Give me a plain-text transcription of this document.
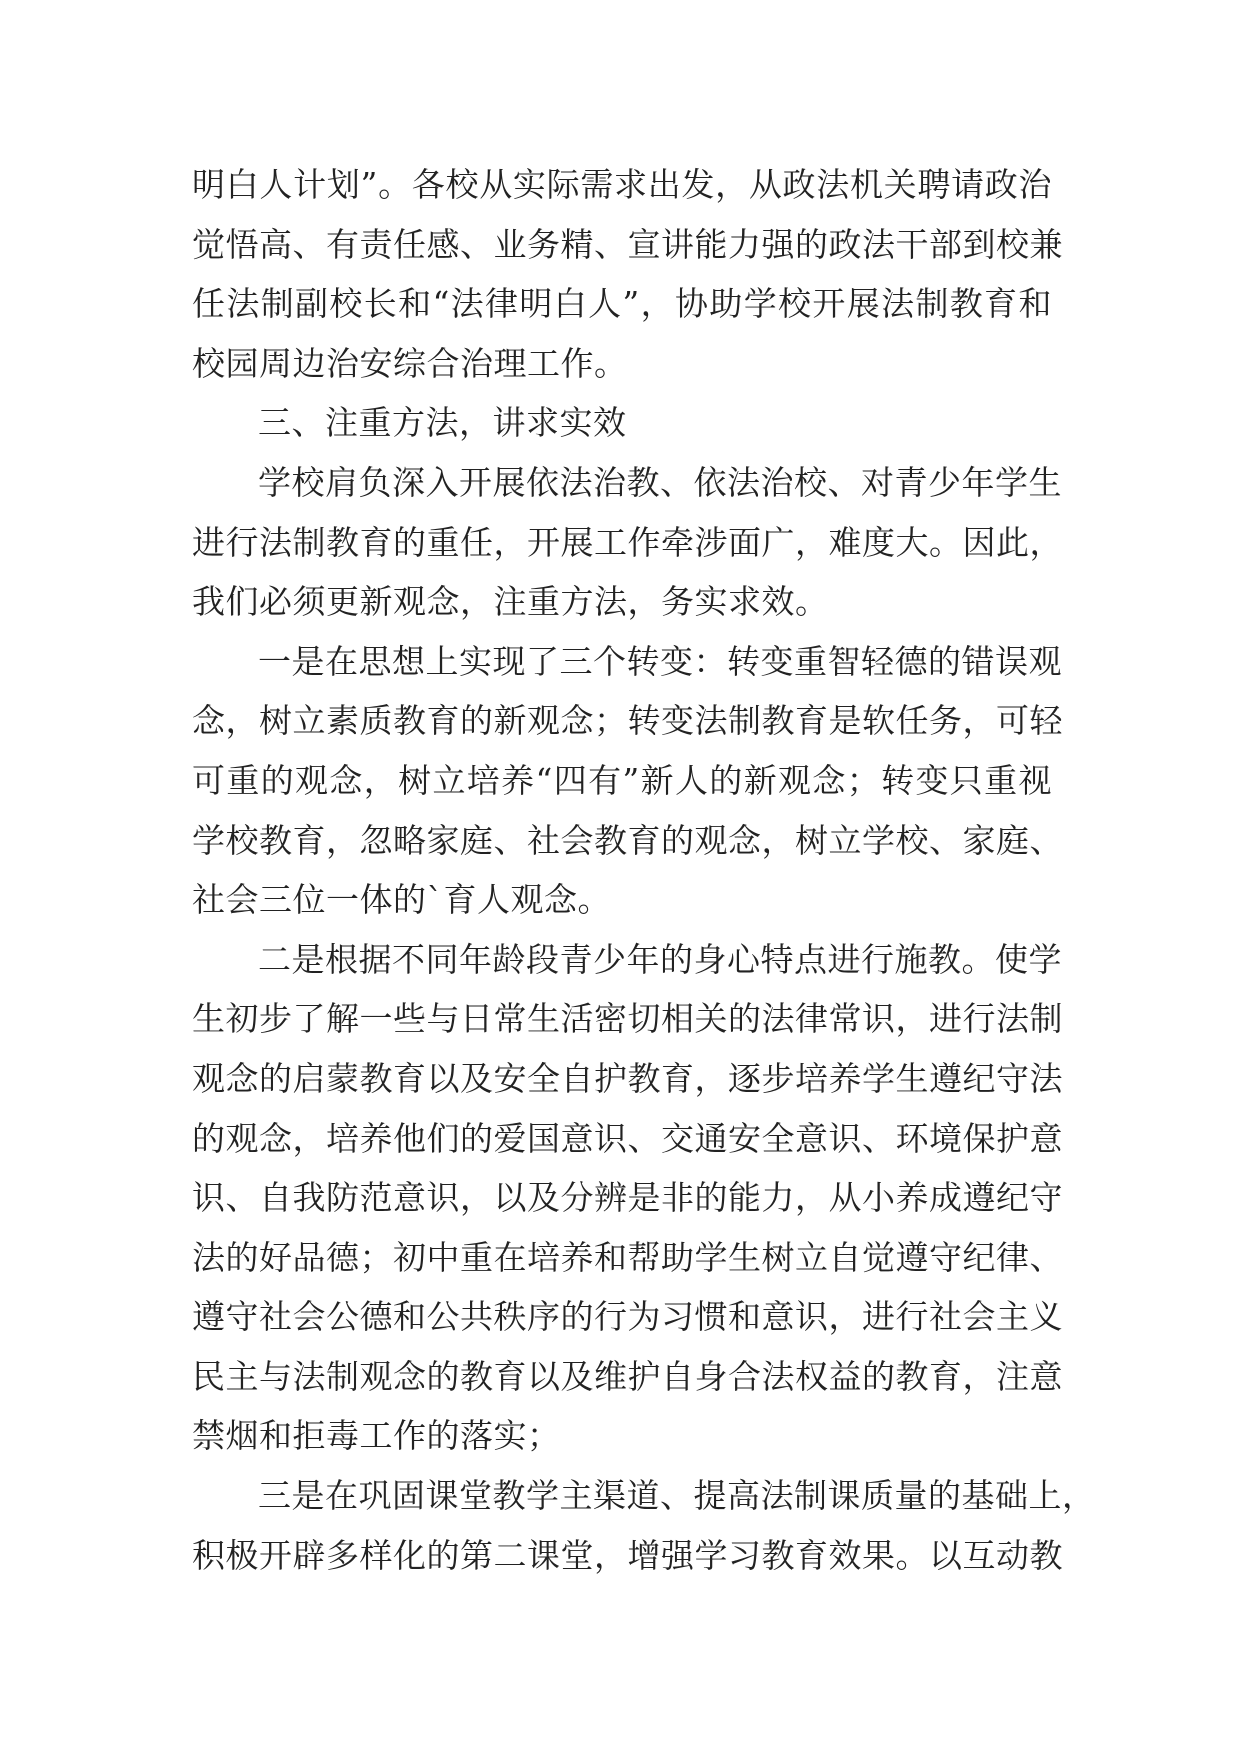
明白人计划”。各校从实际需求出发，从政法机关聘请政治
觉悟高、有责任感、业务精、宣讲能力强的政法干部到校兼
任法制副校长和“法律明白人”，协助学校开展法制教育和
校园周边治安综合治理工作。
三、注重方法，讲求实效
学校肩负深入开展依法治教、依法治校、对青少年学生
进行法制教育的重任，开展工作牵涉面广，难度大。因此，
我们必须更新观念，注重方法，务实求效。
一是在思想上实现了三个转变：转变重智轻德的错误观
念，树立素质教育的新观念；转变法制教育是软任务，可轻
可重的观念，树立培养“四有”新人的新观念；转变只重视
学校教育，忽略家庭、社会教育的观念，树立学校、家庭、
社会三位一体的`育人观念。
二是根据不同年龄段青少年的身心特点进行施教。使学
生初步了解一些与日常生活密切相关的法律常识，进行法制
观念的启蒙教育以及安全自护教育，逐步培养学生遵纪守法
的观念，培养他们的爱国意识、交通安全意识、环境保护意
识、自我防范意识，以及分辨是非的能力，从小养成遵纪守
法的好品德；初中重在培养和帮助学生树立自觉遵守纪律、
遵守社会公德和公共秩序的行为习惯和意识，进行社会主义
民主与法制观念的教育以及维护自身合法权益的教育，注意
禁烟和拒毒工作的落实；
三是在巩固课堂教学主渠道、提高法制课质量的基础上，
积极开辟多样化的第二课堂，增强学习教育效果。以互动教
